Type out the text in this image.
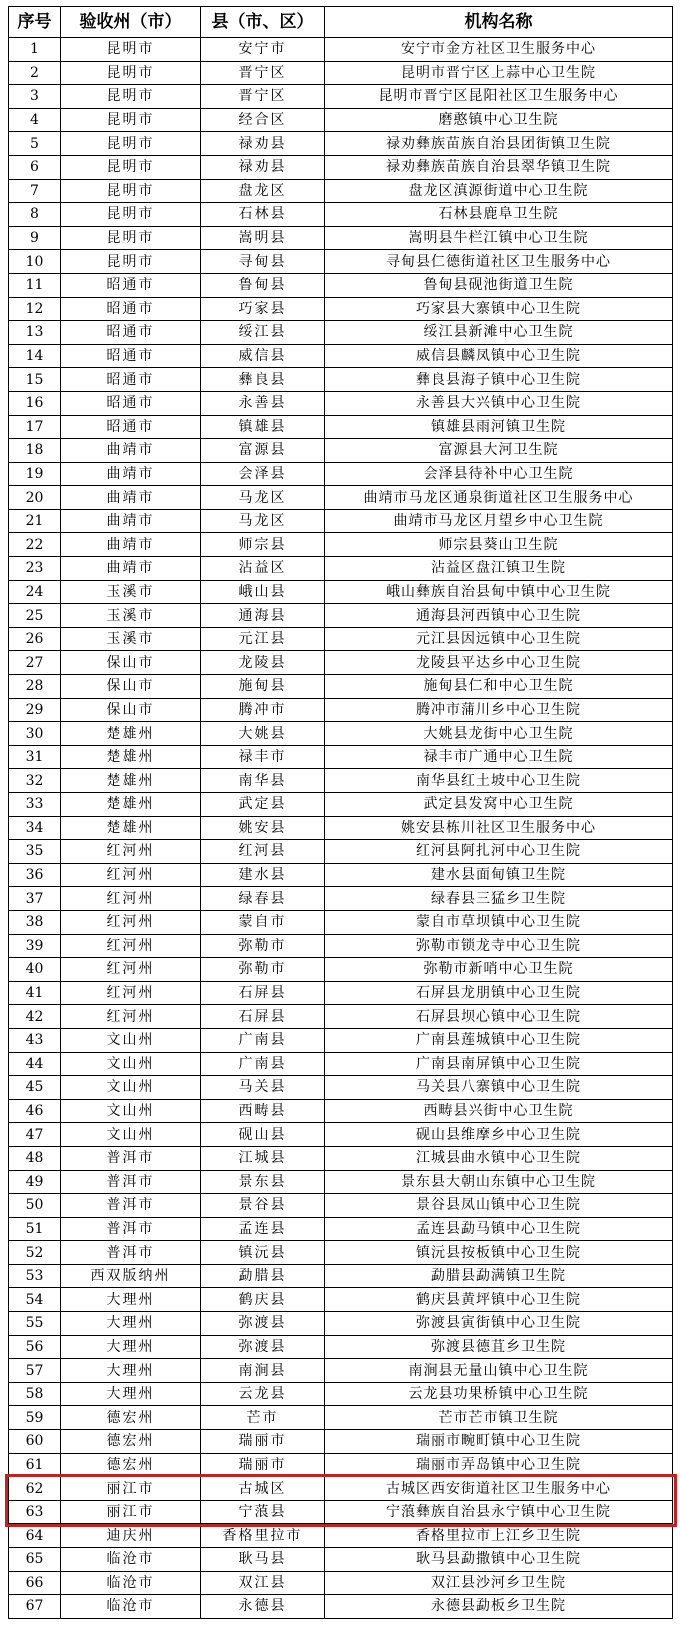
序号	验收州（市）	县（市、区）	机构名称
1	昆明市	安宁市	安宁市金方社区卫生服务中心
2	昆明市	晋宁区	昆明市晋宁区上蒜中心卫生院
3	昆明市	晋宁区	昆明市晋宁区昆阳社区卫生服务中心
4	昆明市	经合区	磨憨镇中心卫生院
5	昆明市	禄劝县	禄劝彝族苗族自治县团街镇卫生院
6	昆明市	禄劝县	禄劝彝族苗族自治县翠华镇卫生院
7	昆明市	盘龙区	盘龙区滇源街道中心卫生院
8	昆明市	石林县	石林县鹿阜卫生院
9	昆明市	嵩明县	嵩明县牛栏江镇中心卫生院
10	昆明市	寻甸县	寻甸县仁德街道社区卫生服务中心
11	昭通市	鲁甸县	鲁甸县砚池街道卫生院
12	昭通市	巧家县	巧家县大寨镇中心卫生院
13	昭通市	绥江县	绥江县新滩中心卫生院
14	昭通市	威信县	威信县麟凤镇中心卫生院
15	昭通市	彝良县	彝良县海子镇中心卫生院
16	昭通市	永善县	永善县大兴镇中心卫生院
17	昭通市	镇雄县	镇雄县雨河镇卫生院
18	曲靖市	富源县	富源县大河卫生院
19	曲靖市	会泽县	会泽县待补中心卫生院
20	曲靖市	马龙区	曲靖市马龙区通泉街道社区卫生服务中心
21	曲靖市	马龙区	曲靖市马龙区月望乡中心卫生院
22	曲靖市	师宗县	师宗县葵山卫生院
23	曲靖市	沾益区	沾益区盘江镇卫生院
24	玉溪市	峨山县	峨山彝族自治县甸中镇中心卫生院
25	玉溪市	通海县	通海县河西镇中心卫生院
26	玉溪市	元江县	元江县因远镇中心卫生院
27	保山市	龙陵县	龙陵县平达乡中心卫生院
28	保山市	施甸县	施甸县仁和中心卫生院
29	保山市	腾冲市	腾冲市蒲川乡中心卫生院
30	楚雄州	大姚县	大姚县龙街中心卫生院
31	楚雄州	禄丰市	禄丰市广通中心卫生院
32	楚雄州	南华县	南华县红土坡中心卫生院
33	楚雄州	武定县	武定县发窝中心卫生院
34	楚雄州	姚安县	姚安县栋川社区卫生服务中心
35	红河州	红河县	红河县阿扎河中心卫生院
36	红河州	建水县	建水县面甸镇卫生院
37	红河州	绿春县	绿春县三猛乡卫生院
38	红河州	蒙自市	蒙自市草坝镇中心卫生院
39	红河州	弥勒市	弥勒市锁龙寺中心卫生院
40	红河州	弥勒市	弥勒市新哨中心卫生院
41	红河州	石屏县	石屏县龙朋镇中心卫生院
42	红河州	石屏县	石屏县坝心镇中心卫生院
43	文山州	广南县	广南县莲城镇中心卫生院
44	文山州	广南县	广南县南屏镇中心卫生院
45	文山州	马关县	马关县八寨镇中心卫生院
46	文山州	西畴县	西畴县兴街中心卫生院
47	文山州	砚山县	砚山县维摩乡中心卫生院
48	普洱市	江城县	江城县曲水镇中心卫生院
49	普洱市	景东县	景东县大朝山东镇中心卫生院
50	普洱市	景谷县	景谷县凤山镇中心卫生院
51	普洱市	孟连县	孟连县勐马镇中心卫生院
52	普洱市	镇沅县	镇沅县按板镇中心卫生院
53	西双版纳州	勐腊县	勐腊县勐满镇卫生院
54	大理州	鹤庆县	鹤庆县黄坪镇中心卫生院
55	大理州	弥渡县	弥渡县寅街镇中心卫生院
56	大理州	弥渡县	弥渡县德苴乡卫生院
57	大理州	南涧县	南涧县无量山镇中心卫生院
58	大理州	云龙县	云龙县功果桥镇中心卫生院
59	德宏州	芒市	芒市芒市镇卫生院
60	德宏州	瑞丽市	瑞丽市畹町镇中心卫生院
61	德宏州	瑞丽市	瑞丽市弄岛镇中心卫生院
62	丽江市	古城区	古城区西安街道社区卫生服务中心
63	丽江市	宁蒗县	宁蒗彝族自治县永宁镇中心卫生院
64	迪庆州	香格里拉市	香格里拉市上江乡卫生院
65	临沧市	耿马县	耿马县勐撒镇中心卫生院
66	临沧市	双江县	双江县沙河乡卫生院
67	临沧市	永德县	永德县勐板乡卫生院
